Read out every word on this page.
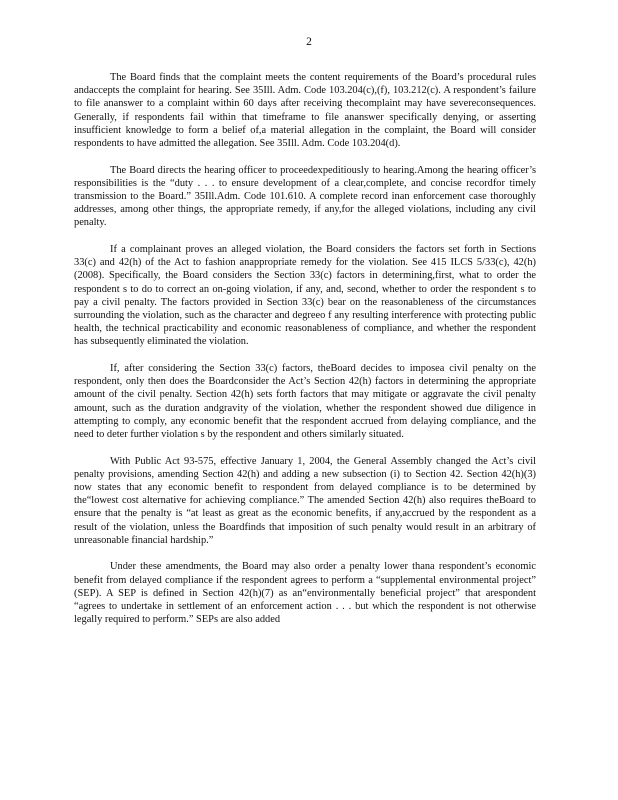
2

The Board finds that the complaint meets the content requirements of the Board’s procedural rules andaccepts the complaint for hearing. See 35Ill. Adm. Code 103.204(c),(f), 103.212(c). A respondent’s failure to file ananswer to a complaint within 60 days after receiving thecomplaint may have severeconsequences. Generally, if respondents fail within that timeframe to file ananswer specifically denying, or asserting insufficient knowledge to form a belief of,a material allegation in the complaint, the Board will consider respondents to have admitted the allegation. See 35Ill. Adm. Code 103.204(d).

The Board directs the hearing officer to proceedexpeditiously to hearing.Among the hearing officer’s responsibilities is the “duty . . . to ensure development of a clear,complete, and concise recordfor timely transmission to the Board.” 35Ill.Adm. Code 101.610. A complete record inan enforcement case thoroughly addresses, among other things, the appropriate remedy, if any,for the alleged violations, including any civil penalty.

If a complainant proves an alleged violation, the Board considers the factors set forth in Sections 33(c) and 42(h) of the Act to fashion anappropriate remedy for the violation. See 415 ILCS 5/33(c), 42(h) (2008). Specifically, the Board considers the Section 33(c) factors in determining,first, what to order the respondent s to do to correct an on-going violation, if any, and, second, whether to order the respondent s to pay a civil penalty. The factors provided in Section 33(c) bear on the reasonableness of the circumstances surrounding the violation, such as the character and degreeo f any resulting interference with protecting public health, the technical practicability and economic reasonableness of compliance, and whether the respondent has subsequently eliminated the violation.

If, after considering the Section 33(c) factors, theBoard decides to imposea civil penalty on the respondent, only then does the Boardconsider the Act’s Section 42(h) factors in determining the appropriate amount of the civil penalty. Section 42(h) sets forth factors that may mitigate or aggravate the civil penalty amount, such as the duration andgravity of the violation, whether the respondent showed due diligence in attempting to comply, any economic benefit that the respondent accrued from delaying compliance, and the need to deter further violation s by the respondent and others similarly situated.

With Public Act 93-575, effective January 1, 2004, the General Assembly changed the Act’s civil penalty provisions, amending Section 42(h) and adding a new subsection (i) to Section 42. Section 42(h)(3) now states that any economic benefit to respondent from delayed compliance is to be determined by the“lowest cost alternative for achieving compliance.” The amended Section 42(h) also requires theBoard to ensure that the penalty is “at least as great as the economic benefits, if any,accrued by the respondent as a result of the violation, unless the Boardfinds that imposition of such penalty would result in an arbitrary of unreasonable financial hardship.”

Under these amendments, the Board may also order a penalty lower thana respondent’s economic benefit from delayed compliance if the respondent agrees to perform a “supplemental environmental project” (SEP). A SEP is defined in Section 42(h)(7) as an“environmentally beneficial project” that arespondent “agrees to undertake in settlement of an enforcement action . . . but which the respondent is not otherwise legally required to perform.” SEPs are also added
